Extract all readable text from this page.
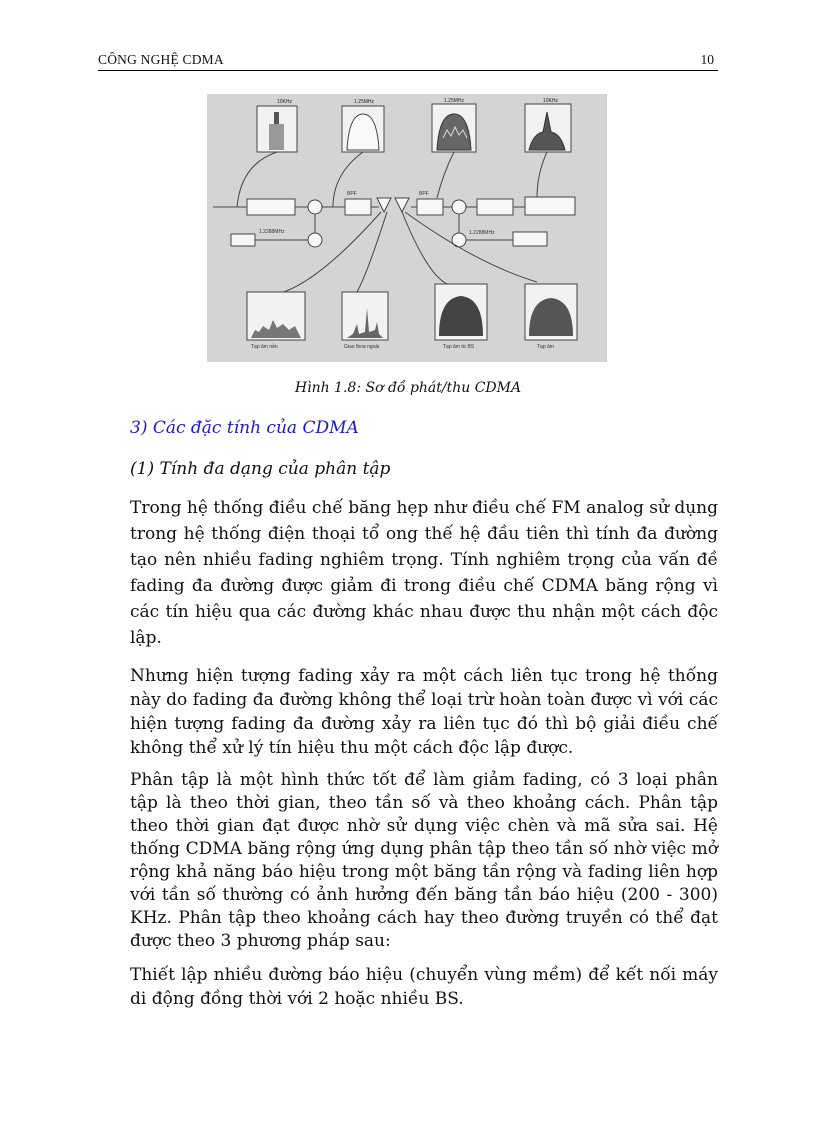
CÔNG NGHỆ CDMA	10
10KHz	1.25MHz	1.25MHz	10KHz
BPF	BPF
1.2288MHz	1.2288MHz
Tạp âm nền	Giao thoa ngoài	Tạp âm từ BS	Tạp âm
Hình 1.8: Sơ đồ phát/thu CDMA
3) Các đặc tính của CDMA
(1) Tính đa dạng của phân tập

Trong hệ thống điều chế băng hẹp như điều chế FM analog sử dụng trong hệ thống điện thoại tổ ong thế hệ đầu tiên thì tính đa đường tạo nên nhiều fading nghiêm trọng. Tính nghiêm trọng của vấn đề fading đa đường được giảm đi trong điều chế CDMA băng rộng vì các tín hiệu qua các đường khác nhau được thu nhận một cách độc lập.

Nhưng hiện tượng fading xảy ra một cách liên tục trong hệ thống này do fading đa đường không thể loại trừ hoàn toàn được vì với các hiện tượng fading đa đường xảy ra liên tục đó thì bộ giải điều chế không thể xử lý tín hiệu thu một cách độc lập được.

Phân tập là một hình thức tốt để làm giảm fading, có 3 loại phân tập là theo thời gian, theo tần số và theo khoảng cách. Phân tập theo thời gian đạt được nhờ sử dụng việc chèn và mã sửa sai. Hệ thống CDMA băng rộng ứng dụng phân tập theo tần số nhờ việc mở rộng khả năng báo hiệu trong một băng tần rộng và fading liên hợp với tần số thường có ảnh hưởng đến băng tần báo hiệu (200 - 300) KHz. Phân tập theo khoảng cách hay theo đường truyền có thể đạt được theo 3 phương pháp sau:

Thiết lập nhiều đường báo hiệu (chuyển vùng mềm) để kết nối máy di động đồng thời với 2 hoặc nhiều BS.
